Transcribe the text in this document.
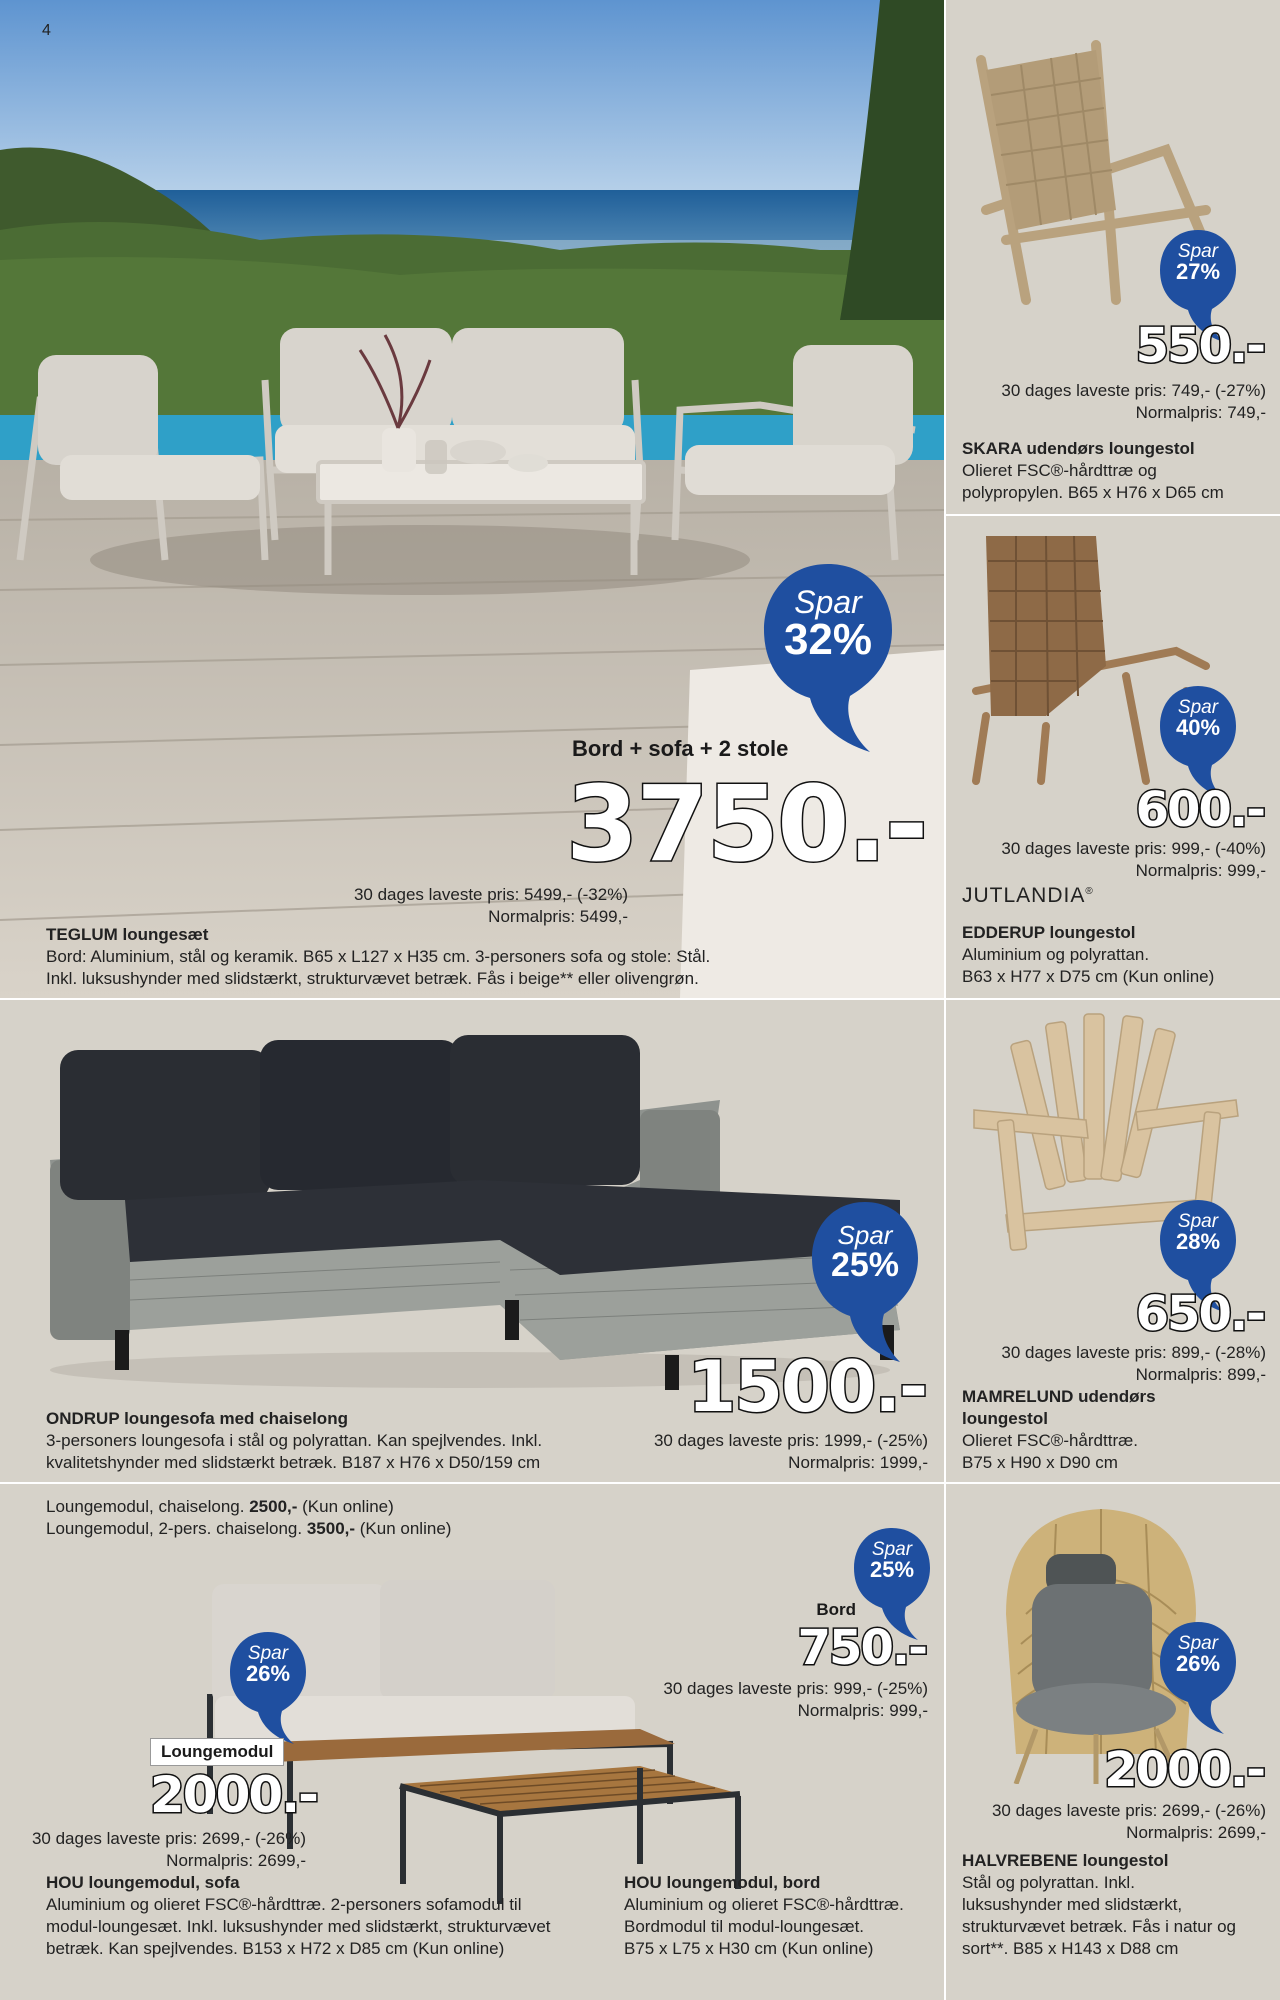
4
Spar
32%
Bord + sofa + 2 stole
3750.-
30 dages laveste pris: 5499,- (-32%)
Normalpris: 5499,-
TEGLUM loungesæt
Bord: Aluminium, stål og keramik. B65 x L127 x H35 cm. 3-personers sofa og stole: Stål.
Inkl. luksushynder med slidstærkt, strukturvævet betræk. Fås i beige** eller olivengrøn.
Spar
27%
550.-
30 dages laveste pris: 749,- (-27%)
Normalpris: 749,-
SKARA udendørs loungestol
Olieret FSC®-hårdttræ og
polypropylen. B65 x H76 x D65 cm
Spar
40%
600.-
30 dages laveste pris: 999,- (-40%)
Normalpris: 999,-
JUTLANDIA®
EDDERUP loungestol
Aluminium og polyrattan.
B63 x H77 x D75 cm (Kun online)
Spar
25%
1500.-
30 dages laveste pris: 1999,- (-25%)
Normalpris: 1999,-
ONDRUP loungesofa med chaiselong
3-personers loungesofa i stål og polyrattan. Kan spejlvendes. Inkl.
kvalitetshynder med slidstærkt betræk. B187 x H76 x D50/159 cm
Spar
28%
650.-
30 dages laveste pris: 899,- (-28%)
Normalpris: 899,-
MAMRELUND udendørs
loungestol
Olieret FSC®-hårdttræ.
B75 x H90 x D90 cm
Loungemodul, chaiselong. 2500,- (Kun online)
Loungemodul, 2-pers. chaiselong. 3500,- (Kun online)
Spar
26%
Loungemodul
2000.-
30 dages laveste pris: 2699,- (-26%)
Normalpris: 2699,-
Spar
25%
Bord
750.-
30 dages laveste pris: 999,- (-25%)
Normalpris: 999,-
HOU loungemodul, sofa
Aluminium og olieret FSC®-hårdttræ. 2-personers sofamodul til
modul-loungesæt. Inkl. luksushynder med slidstærkt, strukturvævet
betræk. Kan spejlvendes. B153 x H72 x D85 cm (Kun online)
HOU loungemodul, bord
Aluminium og olieret FSC®-hårdttræ.
Bordmodul til modul-loungesæt.
B75 x L75 x H30 cm (Kun online)
Spar
26%
2000.-
30 dages laveste pris: 2699,- (-26%)
Normalpris: 2699,-
HALVREBENE loungestol
Stål og polyrattan. Inkl.
luksushynder med slidstærkt,
strukturvævet betræk. Fås i natur og
sort**. B85 x H143 x D88 cm
